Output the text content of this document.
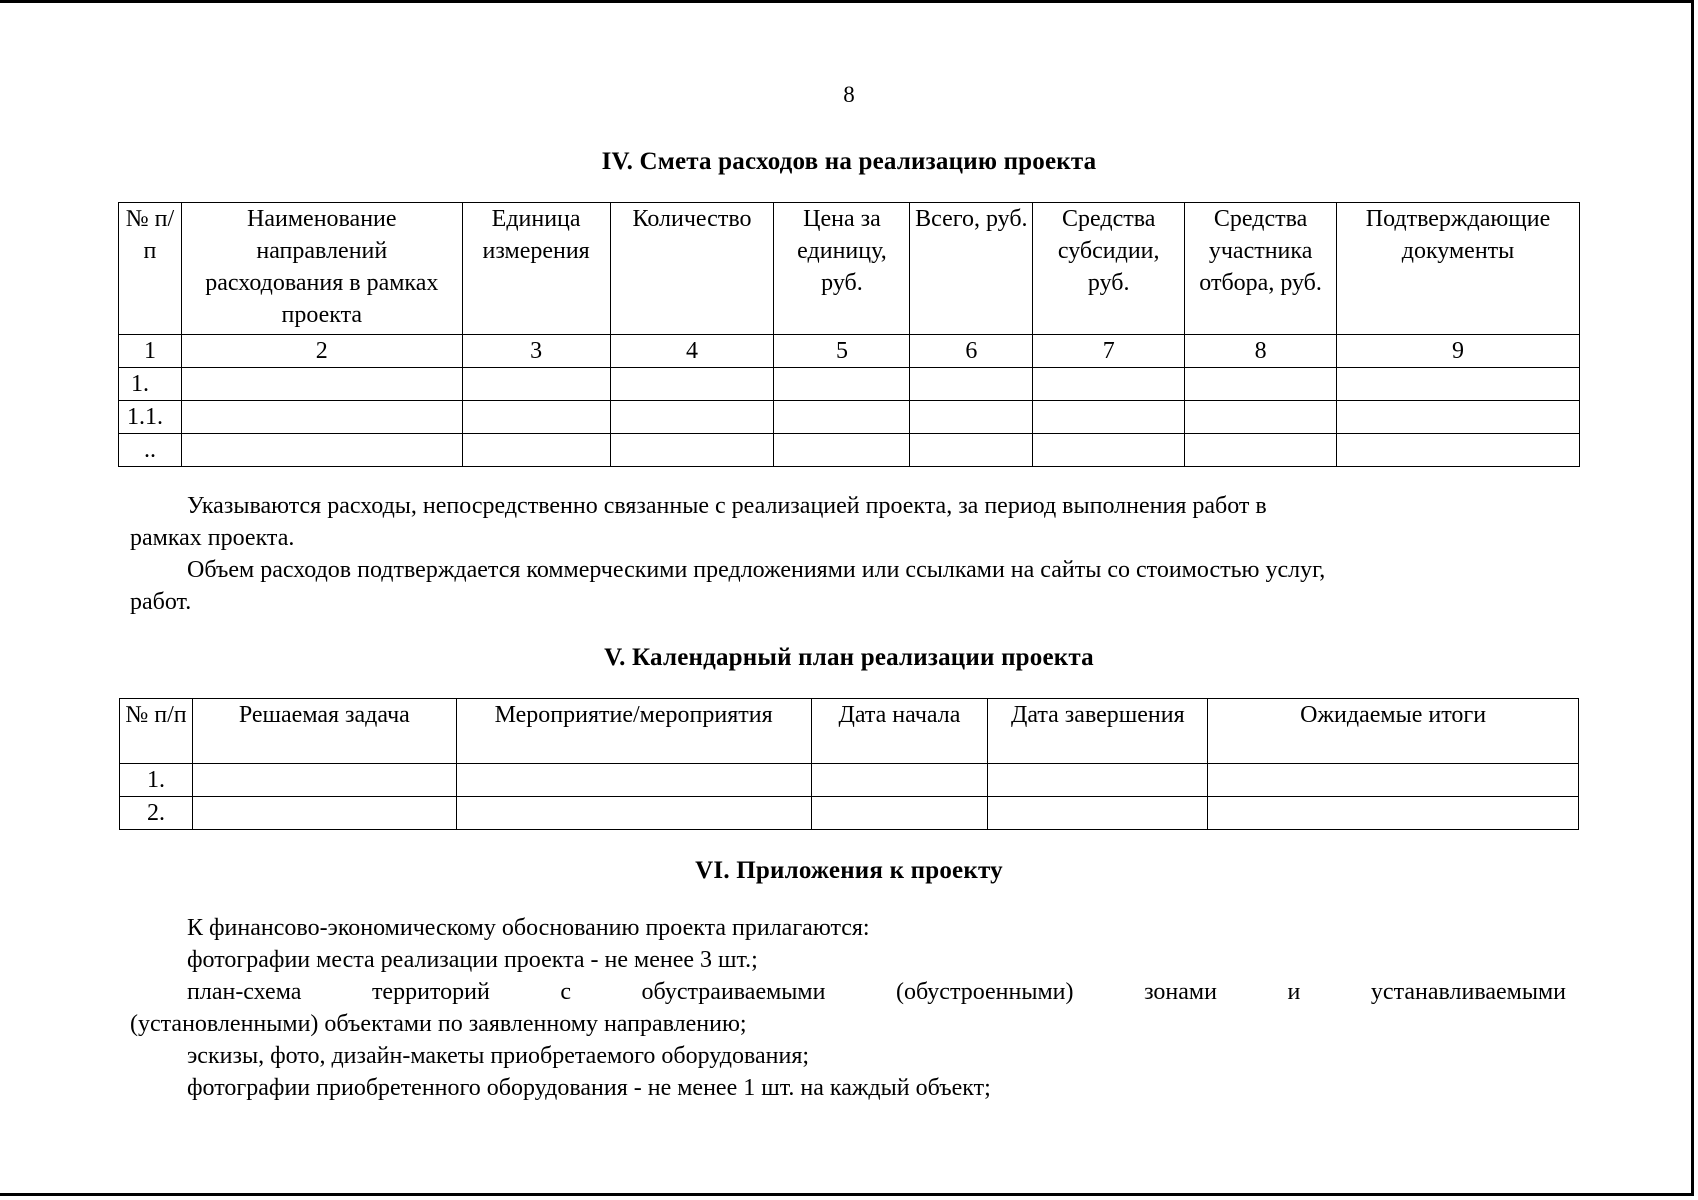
8
IV. Смета расходов на реализацию проекта
№ п/п	Наименование направлений расходования в рамках проекта	Единица измерения	Количество	Цена за единицу, руб.	Всего, руб.	Средства субсидии, руб.	Средства участника отбора, руб.	Подтверждающие документы
1	2	3	4	5	6	7	8	9
1.								
1.1.								
..								
Указываются расходы, непосредственно связанные с реализацией проекта, за период выполнения работ в
рамках проекта.
Объем расходов подтверждается коммерческими предложениями или ссылками на сайты со стоимостью услуг,
работ.
V. Календарный план реализации проекта
№ п/п	Решаемая задача	Мероприятие/мероприятия	Дата начала	Дата завершения	Ожидаемые итоги
1.					
2.					
VI. Приложения к проекту
К финансово-экономическому обоснованию проекта прилагаются:
фотографии места реализации проекта - не менее 3 шт.;
план-схема территорий с обустраиваемыми (обустроенными) зонами и устанавливаемыми
(установленными) объектами по заявленному направлению;
эскизы, фото, дизайн-макеты приобретаемого оборудования;
фотографии приобретенного оборудования - не менее 1 шт. на каждый объект;
